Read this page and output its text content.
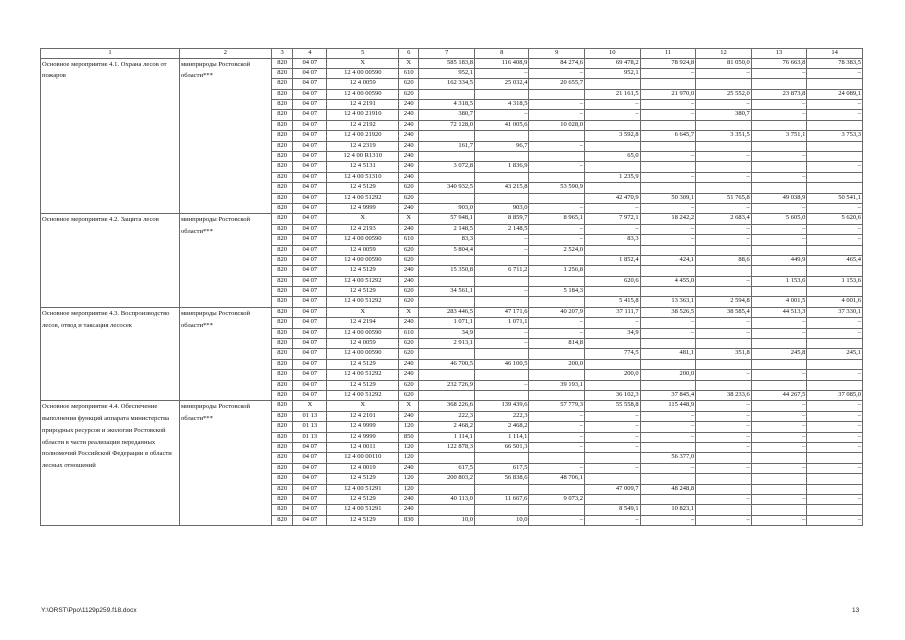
1	2	3	4	5	6	7	8	9	10	11	12	13	14
Основное мероприятие 4.1. Охрана лесов от пожаров	минприроды Ростовской области***	820	04 07	Х	Х	585 183,8	116 408,9	84 274,6	69 478,2	78 924,8	81 050,0	76 663,8	78 383,5
		820	04 07	12 4 00 00590	610	952,1	–	–	952,1	–	–	–	–
		820	04 07	12 4 0059	620	162 334,5	25 032,4	20 655,7					
		820	04 07	12 4 00 00590	620				21 161,5	21 970,0	25 552,0	23 873,8	24 089,1
		820	04 07	12 4 2191	240	4 318,5	4 318,5	–	–	–	–	–	–
		820	04 07	12 4 00 21910	240	380,7	–	–	–	–	380,7	–	–
		820	04 07	12 4 2192	240	72 128,0	41 005,6	10 028,0					
		820	04 07	12 4 00 21920	240				3 592,8	6 645,7	3 351,5	3 751,1	3 753,3
		820	04 07	12 4 2319	240	161,7	96,7	–					
		820	04 07	12 4 00 R1310	240				65,0	–	–	–	
		820	04 07	12 4 5131	240	3 072,8	1 836,9	–					–
		820	04 07	12 4 00 51310	240				1 235,9	–	–	–	
		820	04 07	12 4 5129	620	340 932,5	43 215,8	53 590,9					
		820	04 07	12 4 00 51292	620				42 470,9	50 309,1	51 765,8	49 038,9	50 541,1
		820	04 07	12 4 9999	240	903,0	903,0	–	–	–	–	–	–
Основное мероприятие 4.2. Защита лесов	минприроды Ростовской области***	820	04 07	Х	Х	57 948,1	8 859,7	8 965,1	7 972,1	18 242,2	2 683,4	5 605,0	5 620,6
		820	04 07	12 4 2193	240	2 148,5	2 148,5	–	–	–	–	–	–
		820	04 07	12 4 00 00590	610	83,3	–	–	83,3	–	–	–	–
		820	04 07	12 4 0059	620	5 804,4	–	2 524,0					
		820	04 07	12 4 00 00590	620				1 852,4	424,1	88,6	449,9	465,4
		820	04 07	12 4 5129	240	15 350,8	6 711,2	1 256,8					
		820	04 07	12 4 00 51292	240				620,6	4 455,0	–	1 153,6	1 153,6
		820	04 07	12 4 5129	620	34 561,1	–	5 184,3					
		820	04 07	12 4 00 51292	620				5 415,8	13 363,1	2 594,8	4 001,5	4 001,6
Основное мероприятие 4.3. Воспроизводство лесов, отвод и таксация лесосек	минприроды Ростовской области***	820	04 07	Х	Х	283 446,5	47 171,6	40 207,9	37 111,7	38 526,5	38 585,4	44 513,3	37 330,1
		820	04 07	12 4 2194	240	1 071,1	1 071,1	–	–	–	–	–	–
		820	04 07	12 4 00 00590	610	34,9	–	–	34,9	–	–	–	–
		820	04 07	12 4 0059	620	2 913,1	–	814,8					
		820	04 07	12 4 00 00590	620				774,5	481,1	351,8	245,8	245,1
		820	04 07	12 4 5129	240	46 700,5	46 100,5	200,0					
		820	04 07	12 4 00 51292	240				200,0	200,0	–	–	–
		820	04 07	12 4 5129	620	232 726,9	–	39 193,1					
		820	04 07	12 4 00 51292	620				36 102,3	37 845,4	38 233,6	44 267,5	37 085,0
Основное мероприятие 4.4. Обеспечение выполнения функций аппарата министерства природных ресурсов и экологии Ростовской области в части реализации переданных полномочий Российской Федерации в области лесных отношений	минприроды Ростовской области***	820	Х	Х	Х	368 226,6	139 439,6	57 779,3	55 558,8	115 448,9	–	–	–
		820	01 13	12 4 2101	240	222,3	222,3	–	–	–	–	–	–
		820	01 13	12 4 9999	120	2 468,2	2 468,2	–	–	–	–	–	–
		820	01 13	12 4 9999	850	1 114,1	1 114,1	–	–	–	–	–	–
		820	04 07	12 4 0011	120	122 878,3	66 501,3	–	–		–	–	–
		820	04 07	12 4 00 00110	120					56 377,0			
		820	04 07	12 4 0019	240	617,5	617,5	–	–	–	–	–	–
		820	04 07	12 4 5129	120	200 803,2	56 838,6	48 706,1					
		820	04 07	12 4 00 51291	120				47 009,7	48 248,8			
		820	04 07	12 4 5129	240	40 113,0	11 667,6	9 073,2			–	–	–
		820	04 07	12 4 00 51291	240				8 549,1	10 823,1			
		820	04 07	12 4 5129	830	10,0	10,0	–	–	–	–	–	–
Y:\ORST\Ppo\1129p259.f18.docx	13
